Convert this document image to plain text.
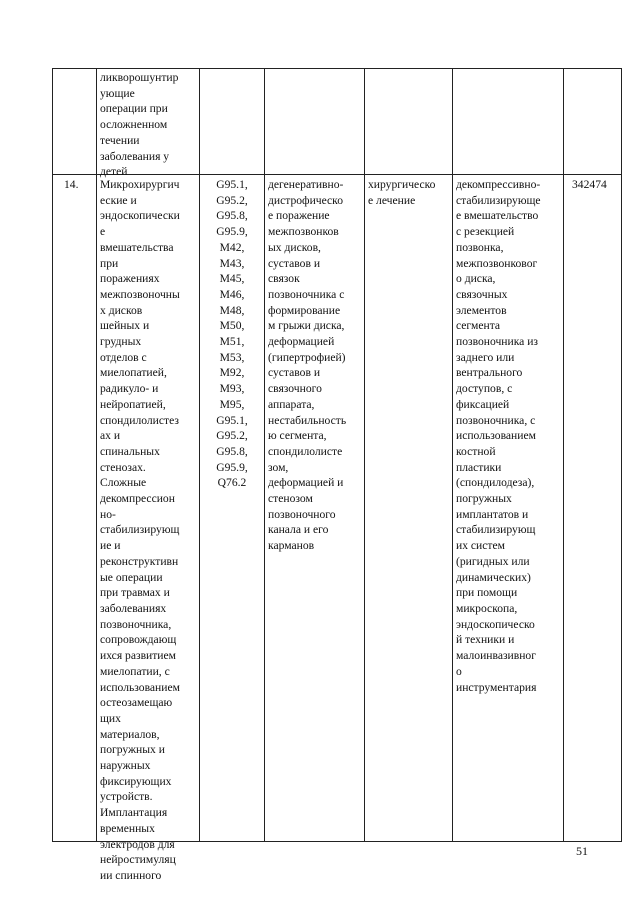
ликворошунтир
ующие
операции при
осложненном
течении
заболевания у
детей
14. Микрохирургич
еские и
эндоскопически
е
вмешательства
при
поражениях
межпозвоночны
х дисков
шейных и
грудных
отделов с
миелопатией,
радикуло- и
нейропатией,
спондилолистез
ах и
спинальных
стенозах.
Сложные
декомпрессион
но-
стабилизирующ
ие и
реконструктивн
ые операции
при травмах и
заболеваниях
позвоночника,
сопровождающ
ихся развитием
миелопатии, с
использованием
остеозамещаю
щих
материалов,
погружных и
наружных
фиксирующих
устройств.
Имплантация
временных
электродов для
нейростимуляц
ии спинного
G95.1,
G95.2,
G95.8,
G95.9,
M42,
M43,
M45,
M46,
M48,
M50,
M51,
M53,
M92,
M93,
M95,
G95.1,
G95.2,
G95.8,
G95.9,
Q76.2
дегенеративно-
дистрофическо
е поражение
межпозвонков
ых дисков,
суставов и
связок
позвоночника с
формирование
м грыжи диска,
деформацией
(гипертрофией)
суставов и
связочного
аппарата,
нестабильность
ю сегмента,
спондилолисте
зом,
деформацией и
стенозом
позвоночного
канала и его
карманов
хирургическо
е лечение
декомпрессивно-
стабилизирующе
е вмешательство
с резекцией
позвонка,
межпозвонковог
о диска,
связочных
элементов
сегмента
позвоночника из
заднего или
вентрального
доступов, с
фиксацией
позвоночника, с
использованием
костной
пластики
(спондилодеза),
погружных
имплантатов и
стабилизирующ
их систем
(ригидных или
динамических)
при помощи
микроскопа,
эндоскопическо
й техники и
малоинвазивног
о
инструментария
342474
51
